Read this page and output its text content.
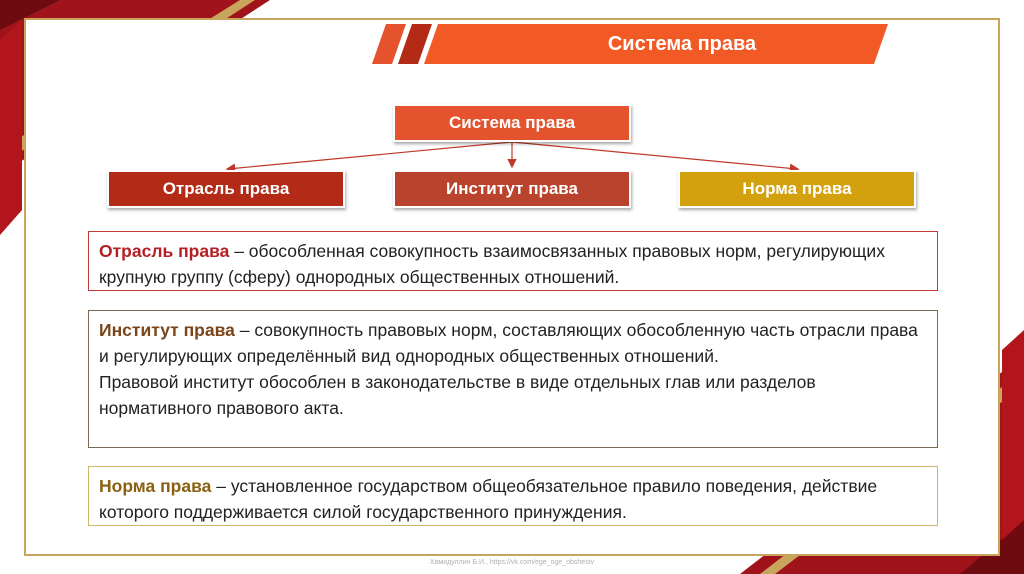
Система права
Система права
Отрасль права	Институт права	Норма права
Отрасль права – обособленная совокупность взаимосвязанных правовых норм, регулирующих крупную группу (сферу) однородных общественных отношений.
Институт права – совокупность правовых норм, составляющих обособленную часть отрасли права и регулирующих определённый вид однородных общественных отношений.
Правовой институт обособлен в законодательстве в виде отдельных глав или разделов нормативного правового акта.
Норма права – установленное государством общеобязательное правило поведения, действие которого поддерживается силой государственного принуждения.
Хамидуллин Б.И., https://vk.com/ege_oge_obshestv
